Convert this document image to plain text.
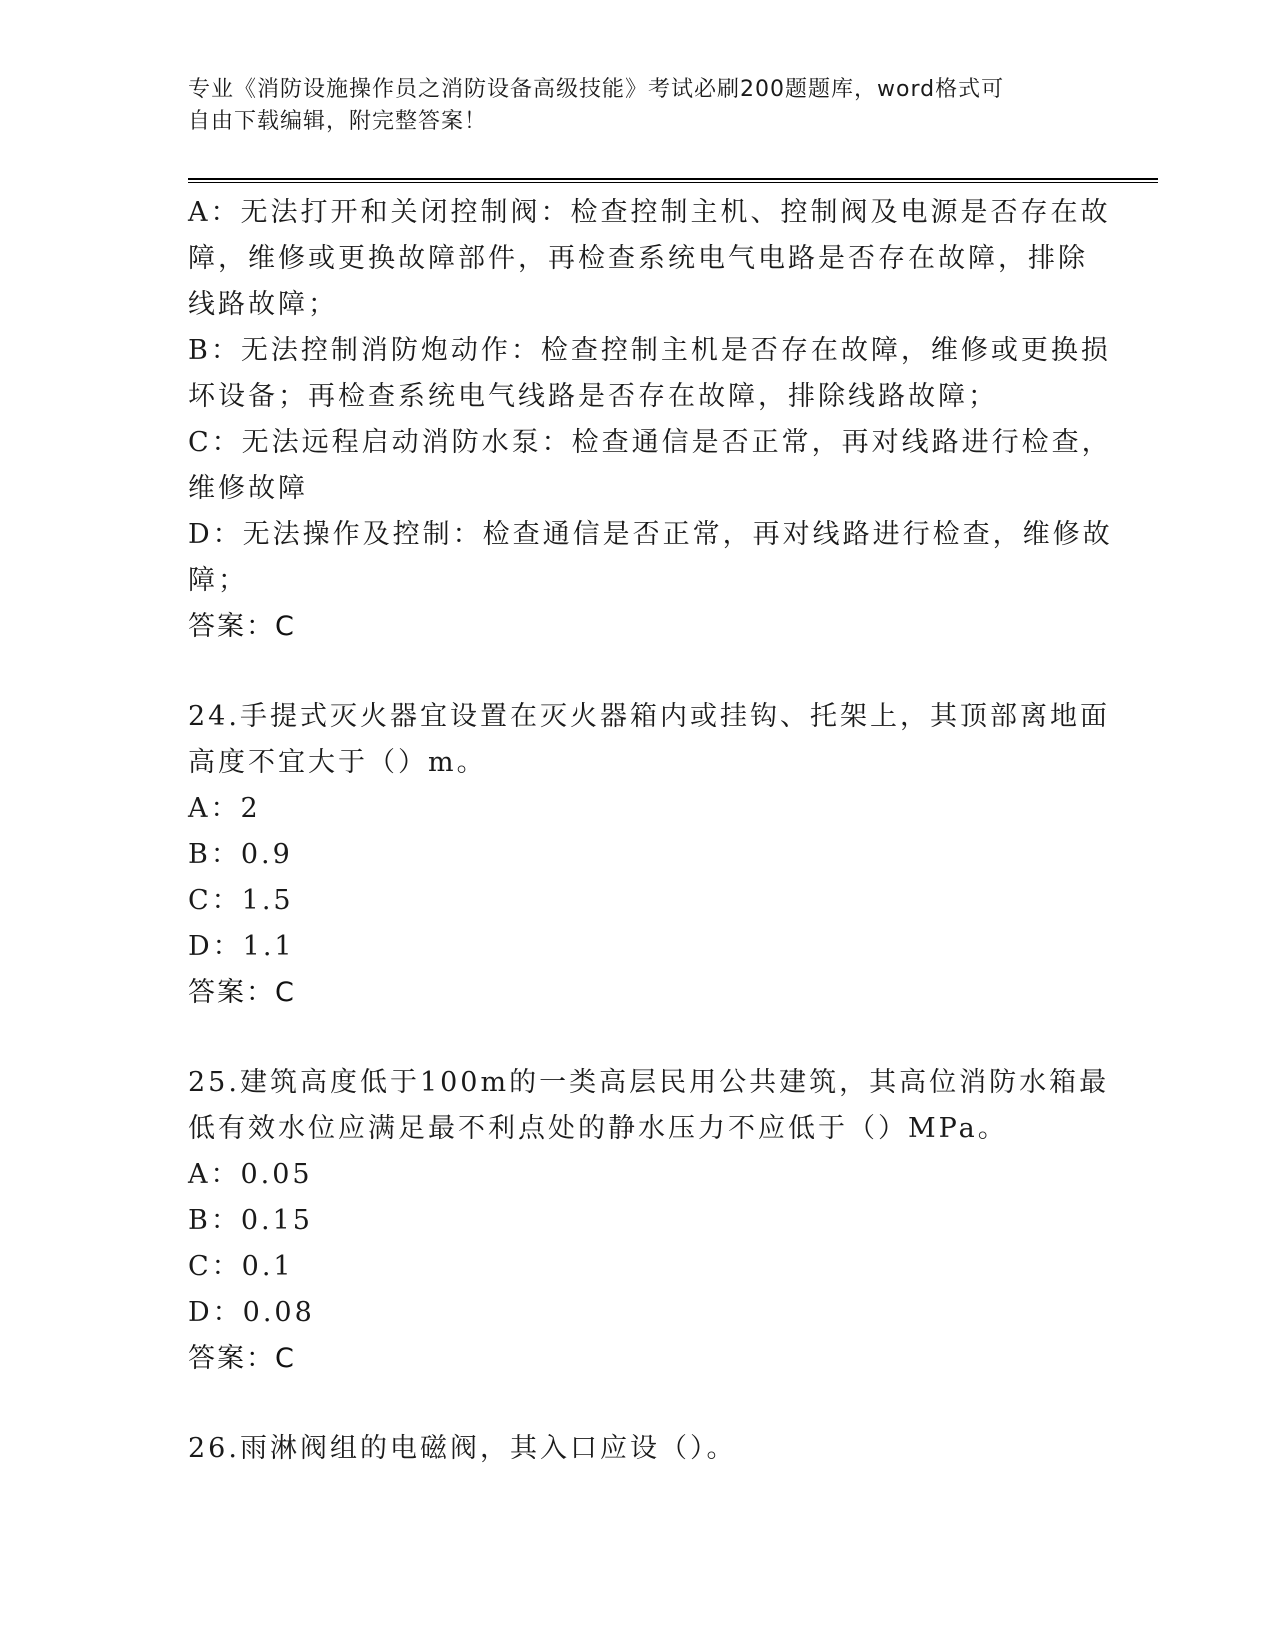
专业《消防设施操作员之消防设备高级技能》考试必刷200题题库，word格式可
自由下载编辑，附完整答案！
A：无法打开和关闭控制阀：检查控制主机、控制阀及电源是否存在故
障，维修或更换故障部件，再检查系统电气电路是否存在故障，排除
线路故障；
B：无法控制消防炮动作：检查控制主机是否存在故障，维修或更换损
坏设备；再检查系统电气线路是否存在故障，排除线路故障；
C：无法远程启动消防水泵：检查通信是否正常，再对线路进行检查，
维修故障
D：无法操作及控制：检查通信是否正常，再对线路进行检查，维修故
障；
答案：C
24.手提式灭火器宜设置在灭火器箱内或挂钩、托架上，其顶部离地面
高度不宜大于（）m。
A：2
B：0.9
C：1.5
D：1.1
答案：C
25.建筑高度低于100m的一类高层民用公共建筑，其高位消防水箱最
低有效水位应满足最不利点处的静水压力不应低于（）MPa。
A：0.05
B：0.15
C：0.1
D：0.08
答案：C
26.雨淋阀组的电磁阀，其入口应设（）。
